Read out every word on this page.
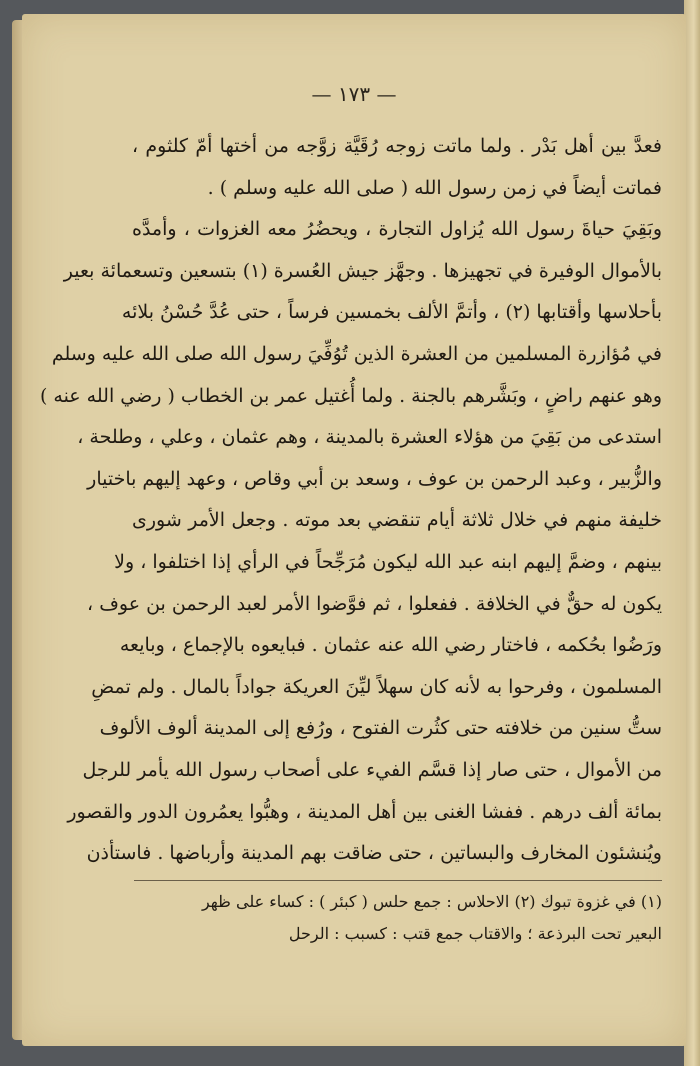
— ١٧٣ —
فعدَّ بين أهل بَدْر . ولما ماتت زوجه رُقَيَّة زوَّجه من أختها أمّ كلثوم ،
فماتت أيضاً في زمن رسول الله ( صلى الله عليه وسلم ) .
وبَقِيَ حياةَ رسول الله يُزاول التجارة ، ويحضُرُ معه الغزوات ، وأمدَّه
بالأموال الوفيرة في تجهيزها . وجهَّز جيش العُسرة (١) بتسعين وتسعمائة بعير
بأحلاسها وأقتابها (٢) ، وأتمَّ الألف بخمسين فرساً ، حتى عُدَّ حُسْنُ بلائه
في مُؤازرة المسلمين من العشرة الذين تُوُفِّيَ رسول الله صلى الله عليه وسلم
وهو عنهم راضٍ ، وبَشَّرهم بالجنة . ولما أُغتيل عمر بن الخطاب ( رضي الله عنه )
استدعى من بَقِيَ من هؤلاء العشرة بالمدينة ، وهم عثمان ، وعلي ، وطلحة ،
والزُّبير ، وعبد الرحمن بن عوف ، وسعد بن أبي وقاص ، وعهد إليهم باختيار
خليفة منهم في خلال ثلاثة أيام تنقضي بعد موته . وجعل الأمر شورى
بينهم ، وضمَّ إليهم ابنه عبد الله ليكون مُرَجِّحاً في الرأي إذا اختلفوا ، ولا
يكون له حقٌّ في الخلافة . ففعلوا ، ثم فوَّضوا الأمر لعبد الرحمن بن عوف ،
ورَضُوا بحُكمه ، فاختار رضي الله عنه عثمان . فبايعوه بالإجماع ، وبايعه
المسلمون ، وفرحوا به لأنه كان سهلاً ليِّنَ العريكة جواداً بالمال . ولم تمضِ
ستُّ سنين من خلافته حتى كثُرت الفتوح ، ورُفع إلى المدينة ألوف الألوف
من الأموال ، حتى صار إذا قسَّم الفيء على أصحاب رسول الله يأمر للرجل
بمائة ألف درهم . ففشا الغنى بين أهل المدينة ، وهبُّوا يعمُرون الدور والقصور
ويُنشئون المخارف والبساتين ، حتى ضاقت بهم المدينة وأرباضها . فاستأذن
(١) في غزوة تبوك (٢) الاحلاس : جمع حلس ( كبئر ) : كساء على ظهر
البعير تحت البرذعة ؛ والاقتاب جمع قتب : كسبب : الرحل
